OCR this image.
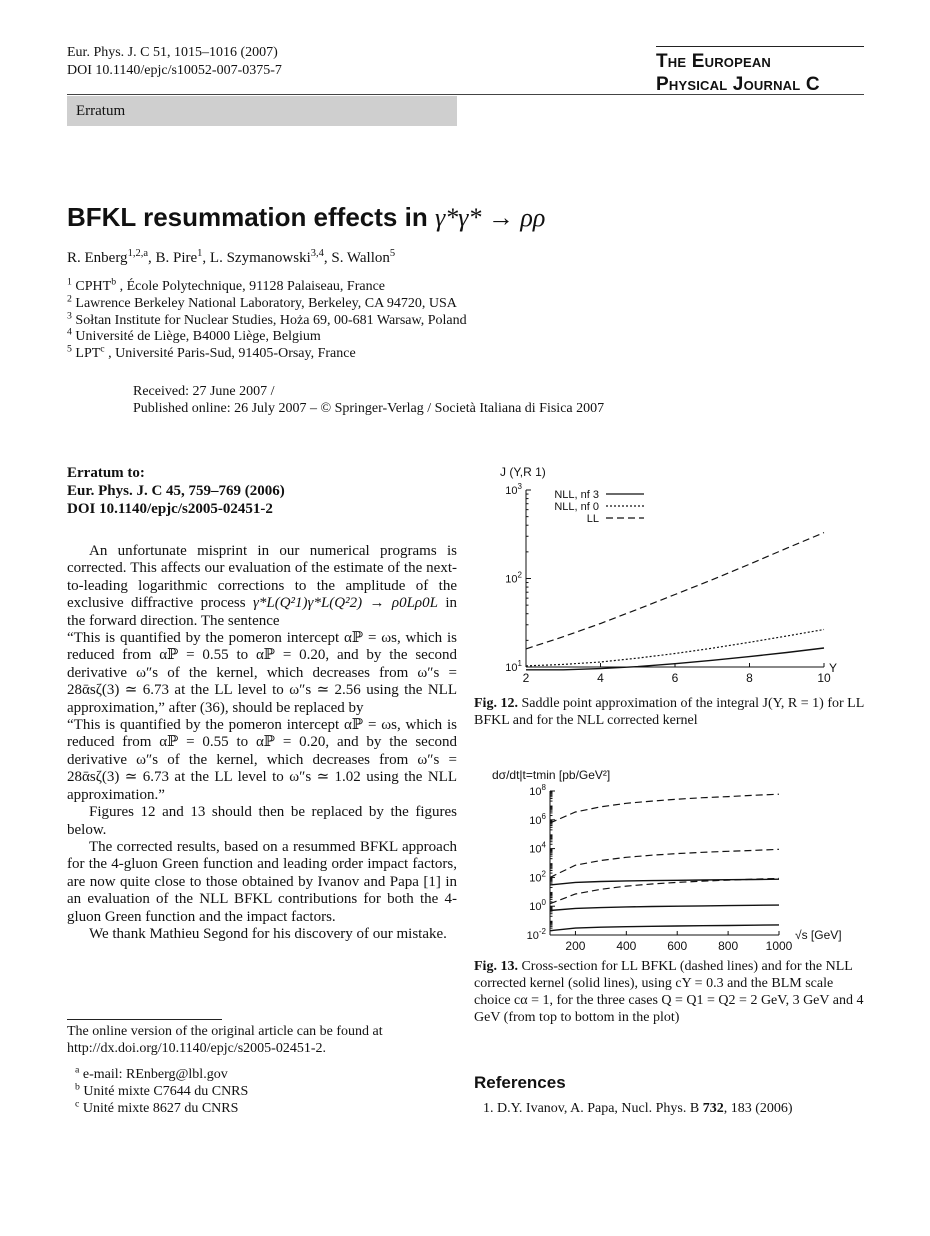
Eur. Phys. J. C 51, 1015–1016 (2007)
DOI 10.1140/epjc/s10052-007-0375-7	The European
Physical Journal C
Erratum
BFKL resummation effects in γ*γ* → ρρ
R. Enberg$^{1,2,a}$, B. Pire$^1$, L. Szymanowski$^{3,4}$, S. Wallon$^5$
$^1$ CPHT$^b$ , École Polytechnique, 91128 Palaiseau, France
$^2$ Lawrence Berkeley National Laboratory, Berkeley, CA 94720, USA
$^3$ Sołtan Institute for Nuclear Studies, Hoża 69, 00-681 Warsaw, Poland
$^4$ Université de Liège, B4000 Liège, Belgium
$^5$ LPT$^c$ , Université Paris-Sud, 91405-Orsay, France
Received: 27 June 2007 /
Published online: 26 July 2007 – © Springer-Verlag / Società Italiana di Fisica 2007
Erratum to:
Eur. Phys. J. C 45, 759–769 (2006)
DOI 10.1140/epjc/s2005-02451-2

An unfortunate misprint in our numerical programs is corrected. This affects our evaluation of the estimate of the next-to-leading logarithmic corrections to the amplitude of the exclusive diffractive process γ*L(Q²1)γ*L(Q²2) → ρ0Lρ0L in the forward direction. The sentence

“This is quantified by the pomeron intercept αℙ = ωs, which is reduced from αℙ = 0.55 to αℙ = 0.20, and by the second derivative ω″s of the kernel, which decreases from ω″s = 28ᾱsζ(3) ≃ 6.73 at the LL level to ω″s ≃ 2.56 using the NLL approximation,” after (36), should be replaced by

“This is quantified by the pomeron intercept αℙ = ωs, which is reduced from αℙ = 0.55 to αℙ = 0.20, and by the second derivative ω″s of the kernel, which decreases from ω″s = 28ᾱsζ(3) ≃ 6.73 at the LL level to ω″s ≃ 1.02 using the NLL approximation.”

Figures 12 and 13 should then be replaced by the figures below.

The corrected results, based on a resummed BFKL approach for the 4-gluon Green function and leading order impact factors, are now quite close to those obtained by Ivanov and Papa [1] in an evaluation of the NLL BFKL contributions for both the 4-gluon Green function and the impact factors.

We thank Mathieu Segond for his discovery of our mistake.

The online version of the original article can be found at http://dx.doi.org/10.1140/epjc/s2005-02451-2.
$^a$ e-mail: REnberg@lbl.gov
$^b$ Unité mixte C7644 du CNRS
$^c$ Unité mixte 8627 du CNRS
2	4	6	8	10
$10^1$
$10^2$
$10^3$
J (Y,R 1)
Y
NLL, nf 3
NLL, nf 0
LL
Fig. 12. Saddle point approximation of the integral J(Y, R = 1) for LL BFKL and for the NLL corrected kernel
200	400	600	800 1000
$10^{-2}$
$10^0$
$10^2$
$10^4$
$10^6$
$10^8$
dσ/dt|t=tmin [pb/GeV²]
√s [GeV]
Fig. 13. Cross-section for LL BFKL (dashed lines) and for the NLL corrected kernel (solid lines), using cY = 0.3 and the BLM scale choice cα = 1, for the three cases Q = Q1 = Q2 = 2 GeV, 3 GeV and 4 GeV (from top to bottom in the plot)
References
1. D.Y. Ivanov, A. Papa, Nucl. Phys. B 732, 183 (2006)
